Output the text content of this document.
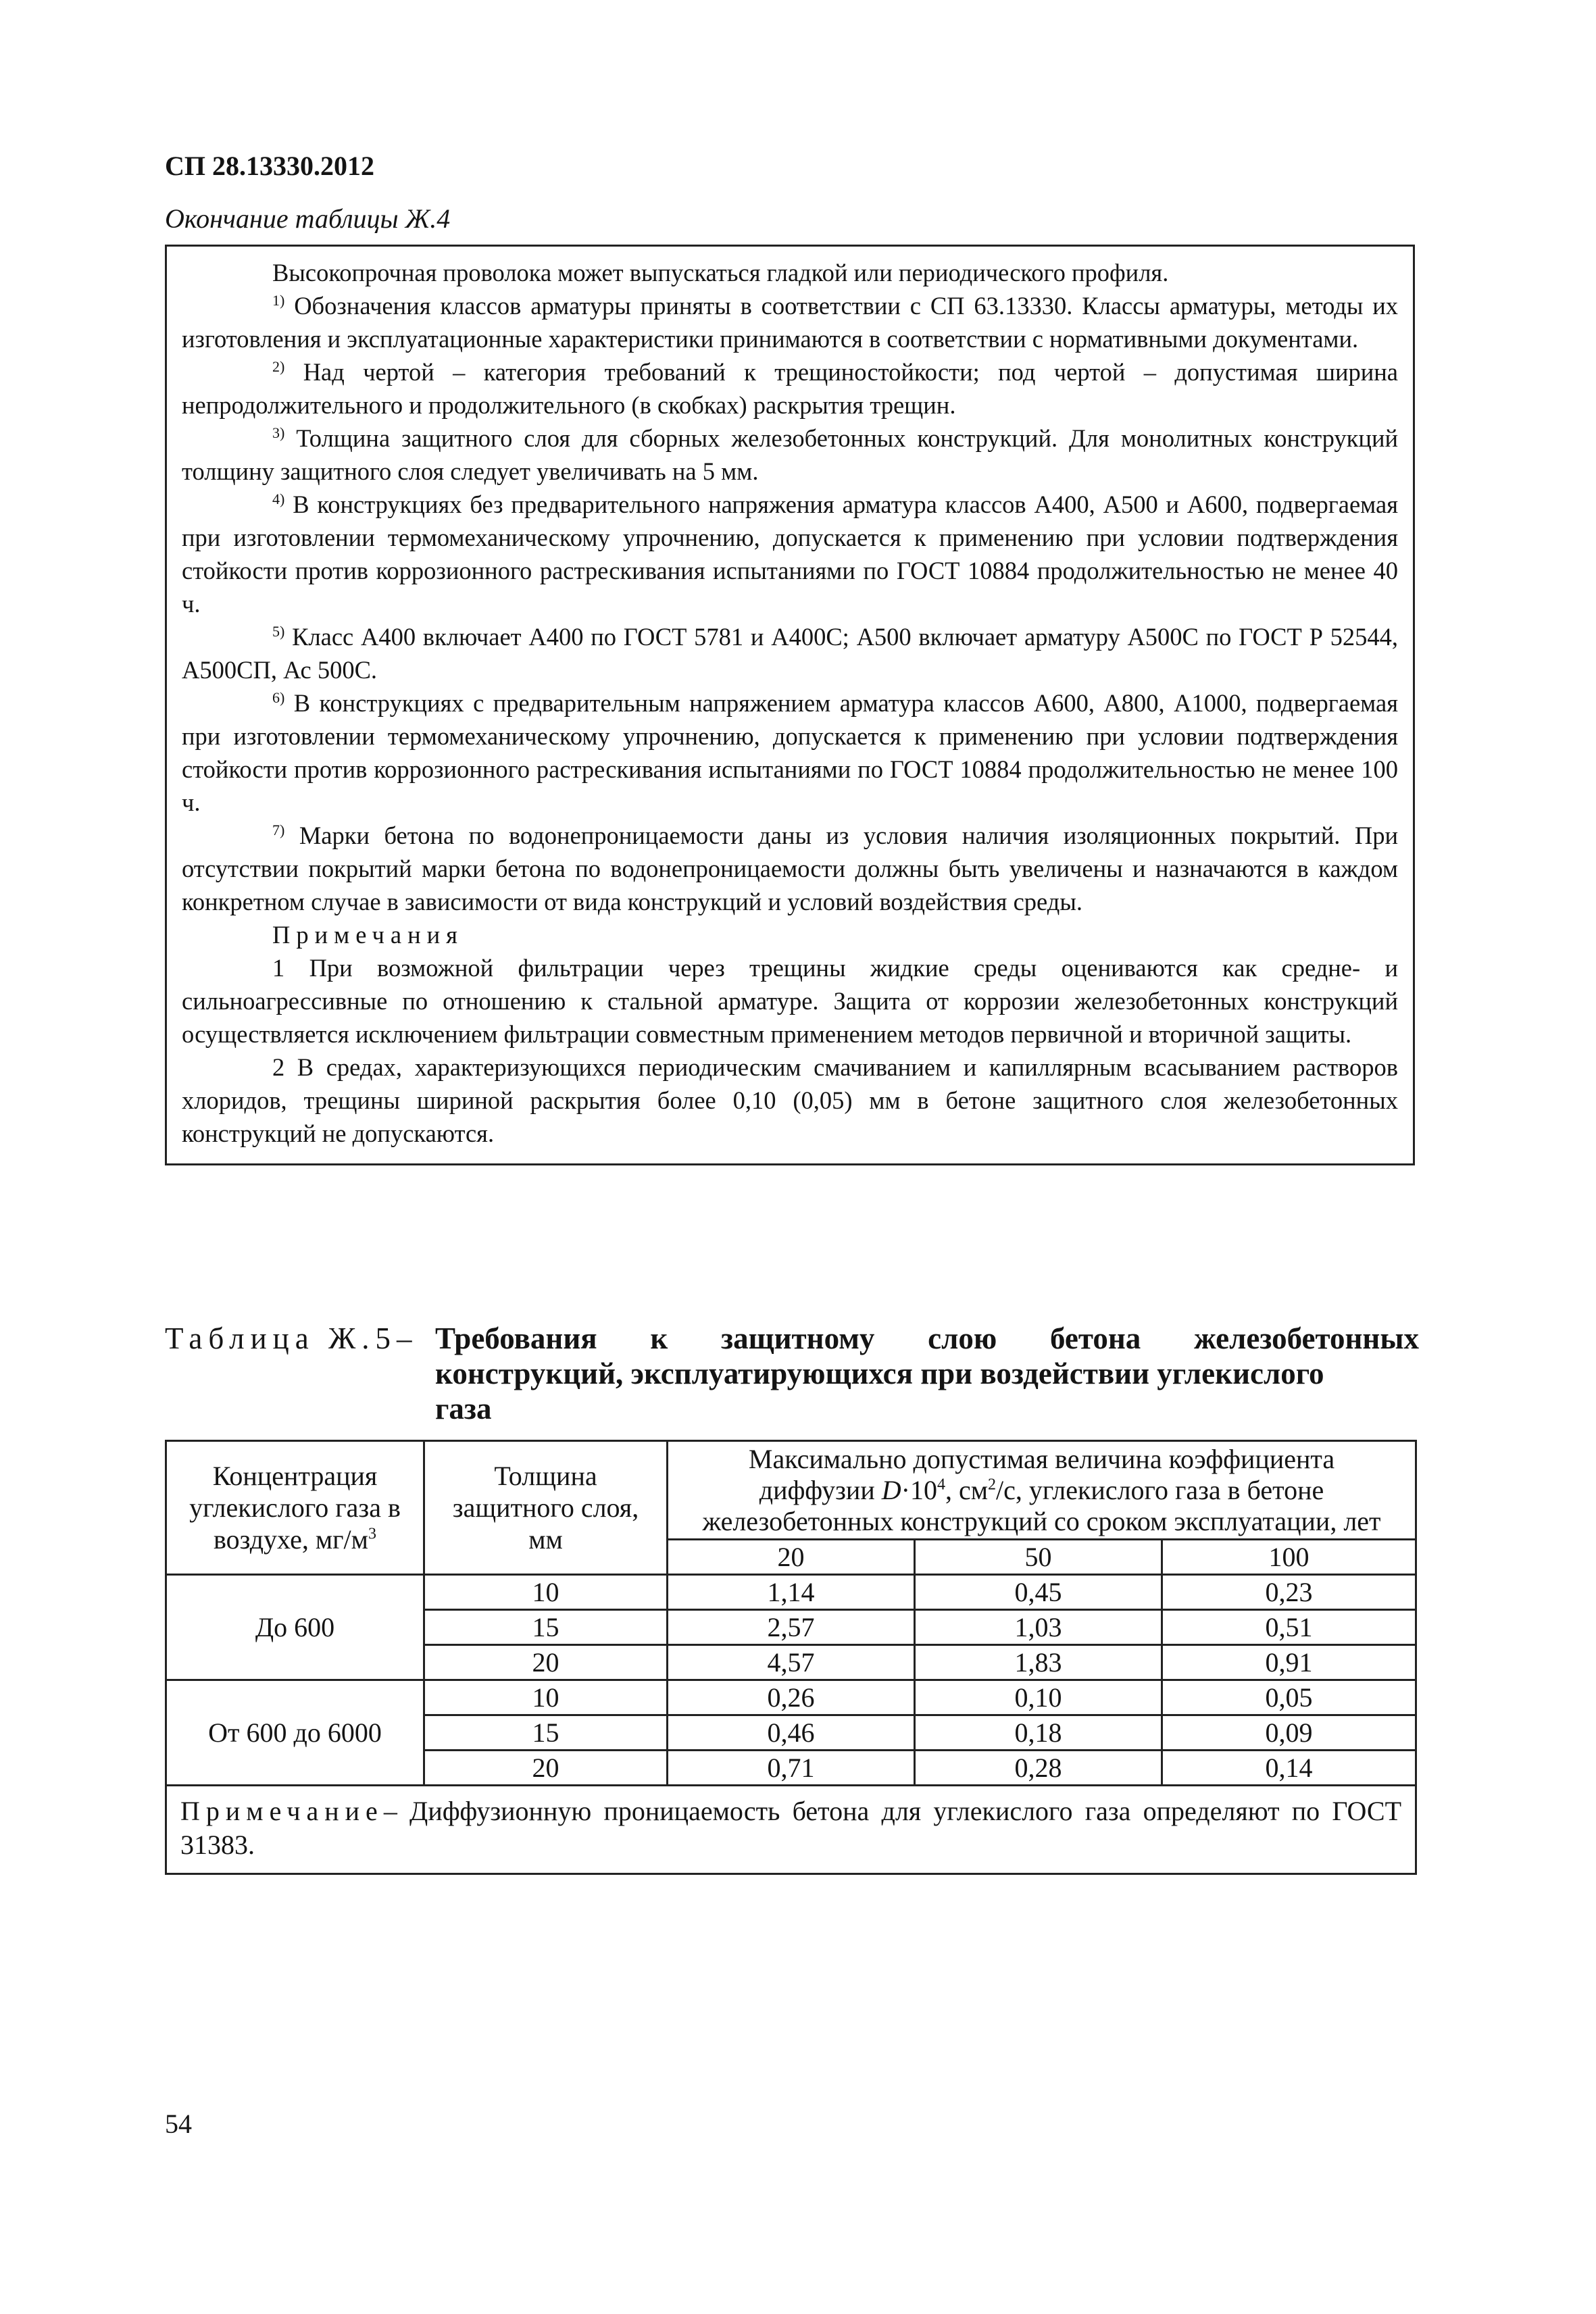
СП 28.13330.2012
Окончание таблицы Ж.4

Высокопрочная проволока может выпускаться гладкой или периодического профиля.

$^{1)}$ Обозначения классов арматуры приняты в соответствии с СП 63.13330. Классы арматуры, методы их изготовления и эксплуатационные характеристики принимаются в соответствии с нормативными документами.

$^{2)}$ Над чертой – категория требований к трещиностойкости; под чертой – допустимая ширина непродолжительного и продолжительного (в скобках) раскрытия трещин.

$^{3)}$ Толщина защитного слоя для сборных железобетонных конструкций. Для монолитных конструкций толщину защитного слоя следует увеличивать на 5 мм.

$^{4)}$ В конструкциях без предварительного напряжения арматура классов А400, А500 и А600, подвергаемая при изготовлении термомеханическому упрочнению, допускается к применению при условии подтверждения стойкости против коррозионного растрескивания испытаниями по ГОСТ 10884 продолжительностью не менее 40 ч.

$^{5)}$ Класс А400 включает А400 по ГОСТ 5781 и А400С; А500 включает арматуру А500С по ГОСТ Р 52544, А500СП, Ас 500С.

$^{6)}$ В конструкциях с предварительным напряжением арматура классов А600, А800, А1000, подвергаемая при изготовлении термомеханическому упрочнению, допускается к применению при условии подтверждения стойкости против коррозионного растрескивания испытаниями по ГОСТ 10884 продолжительностью не менее 100 ч.

$^{7)}$ Марки бетона по водонепроницаемости даны из условия наличия изоляционных покрытий. При отсутствии покрытий марки бетона по водонепроницаемости должны быть увеличены и назначаются в каждом конкретном случае в зависимости от вида конструкций и условий воздействия среды.

Примечания

1 При возможной фильтрации через трещины жидкие среды оцениваются как средне- и сильноагрессивные по отношению к стальной арматуре. Защита от коррозии железобетонных конструкций осуществляется исключением фильтрации совместным применением методов первичной и вторичной защиты.

2 В средах, характеризующихся периодическим смачиванием и капиллярным всасыванием растворов хлоридов, трещины шириной раскрытия более 0,10 (0,05) мм в бетоне защитного слоя железобетонных конструкций не допускаются.

Таблица Ж.5– Требования к защитному слою бетона железобетонных
конструкций, эксплуатирующихся при воздействии углекислого
газа
Концентрация
углекислого газа в
воздухе, $мг/м^3$	Толщина
защитного слоя,
мм	Максимально допустимая величина коэффициента
диффузии $D\cdot 10^4$, $см^2/с$, углекислого газа в бетоне
железобетонных конструкций со сроком эксплуатации, лет		
		20	50	100
До 600	10	1,14	0,45	0,23
	15	2,57	1,03	0,51
	20	4,57	1,83	0,91
От 600 до 6000	10	0,26	0,10	0,05
	15	0,46	0,18	0,09
	20	0,71	0,28	0,14
Примечание– Диффузионную проницаемость бетона для углекислого газа определяют по ГОСТ 31383.				
54
